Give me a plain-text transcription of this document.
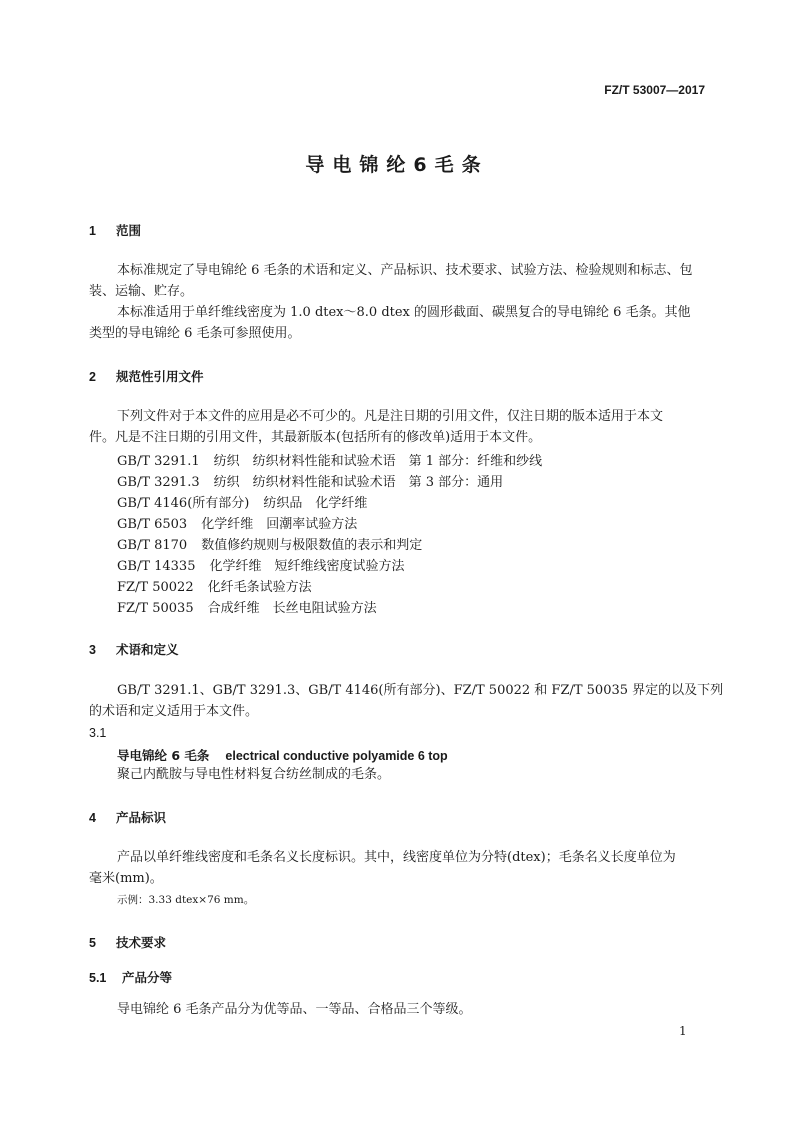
FZ/T 53007—2017
导电锦纶6毛条
1 范围
本标准规定了导电锦纶 6 毛条的术语和定义、产品标识、技术要求、试验方法、检验规则和标志、包
装、运输、贮存。
本标准适用于单纤维线密度为 1.0 dtex～8.0 dtex 的圆形截面、碳黑复合的导电锦纶 6 毛条。其他
类型的导电锦纶 6 毛条可参照使用。
2 规范性引用文件
下列文件对于本文件的应用是必不可少的。凡是注日期的引用文件，仅注日期的版本适用于本文
件。凡是不注日期的引用文件，其最新版本(包括所有的修改单)适用于本文件。
GB/T 3291.1 纺织　纺织材料性能和试验术语　第 1 部分：纤维和纱线
GB/T 3291.3 纺织　纺织材料性能和试验术语　第 3 部分：通用
GB/T 4146(所有部分) 纺织品　化学纤维
GB/T 6503 化学纤维　回潮率试验方法
GB/T 8170 数值修约规则与极限数值的表示和判定
GB/T 14335 化学纤维　短纤维线密度试验方法
FZ/T 50022 化纤毛条试验方法
FZ/T 50035 合成纤维　长丝电阻试验方法
3 术语和定义
GB/T 3291.1、GB/T 3291.3、GB/T 4146(所有部分)、FZ/T 50022 和 FZ/T 50035 界定的以及下列
的术语和定义适用于本文件。
3.1
导电锦纶 6 毛条 electrical conductive polyamide 6 top
聚己内酰胺与导电性材料复合纺丝制成的毛条。
4 产品标识
产品以单纤维线密度和毛条名义长度标识。其中，线密度单位为分特(dtex)；毛条名义长度单位为
毫米(mm)。
示例：3.33 dtex×76 mm。
5 技术要求
5.1 产品分等
导电锦纶 6 毛条产品分为优等品、一等品、合格品三个等级。
1
